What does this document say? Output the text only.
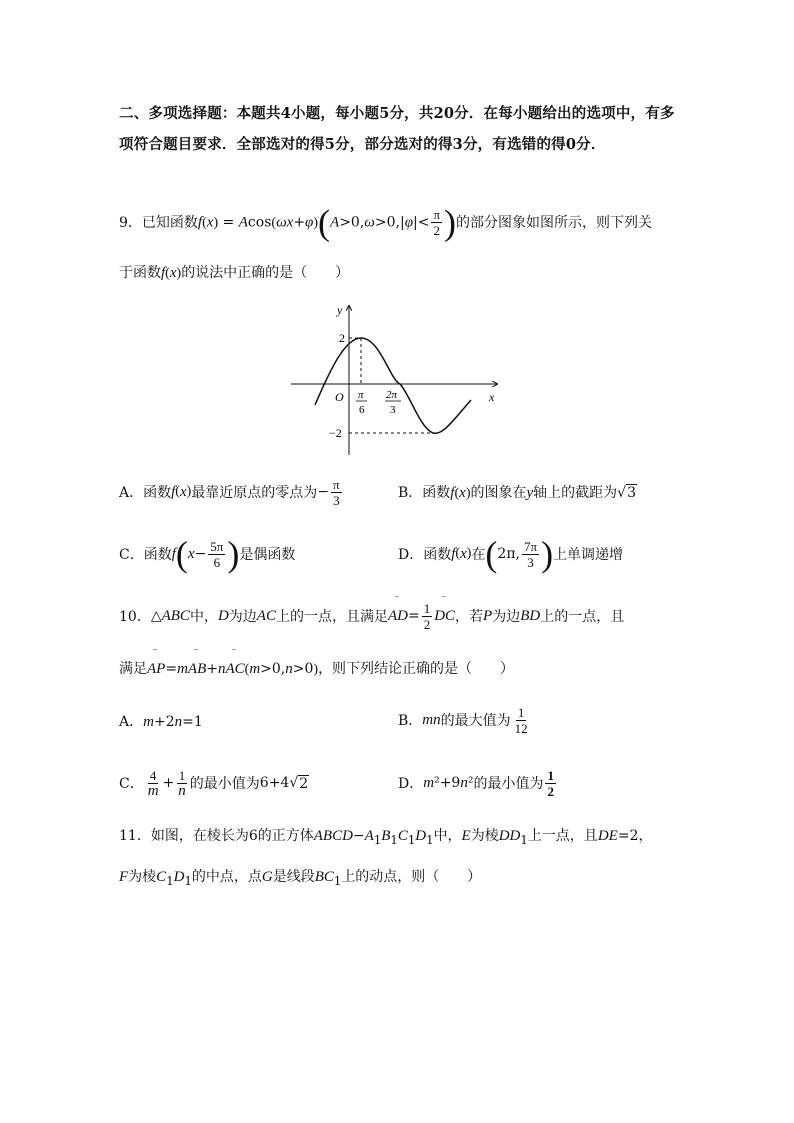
二、多项选择题：本题共4小题，每小题5分，共20分．在每小题给出的选项中，有多项符合题目要求．全部选对的得5分，部分选对的得3分，有选错的得0分．
9． 已知函数 $f(x) = Acos(\omega x+\varphi)(A>0,\omega>0,|\varphi|< \frac{\pi}{2}$ ) 的部分图象如图所示，则下列关
于函数f(x)的说法中正确的是（　　）
y
x
O
2
−2
π
6
2π
3
A．函数 f ( x ) 最靠近原点的零点为 − $\frac{\pi}{3}$	B．函数f(x)的图象在y轴上的截距为√3
C．函数 f ( $x - \frac{5\pi}{6}$ ) 是偶函数	D．函数 f ( x ) 在 ( 2π, $\frac{7\pi}{3}$ ) 上单调递增
10． △ ABC 中， D 为边 AC 上的一点，且满足 ‾ AD = $\frac{1}{2}$ ‾ DC ，若 P 为边 BD 上的一点，且
满足‾ AP=m‾ AB+n‾ AC(m>0,n>0)，则下列结论正确的是（　　）
A．m+2n=1	B． mn 的最大值为 $\frac{1}{12}$
C． $\frac{4}{m} + \frac{1}{n}$ 的最小值为 6+4√ 2	D． m ²+9 n ² 的最小值为 $\frac{1}{2}$
11．如图，在棱长为6的正方体$ABCD-A_1B_1C_1D_1$中，E为棱$DD_1$上一点，且DE=2，
F为棱$C_1D_1$的中点，点G是线段$BC_1$上的动点，则（　　）
